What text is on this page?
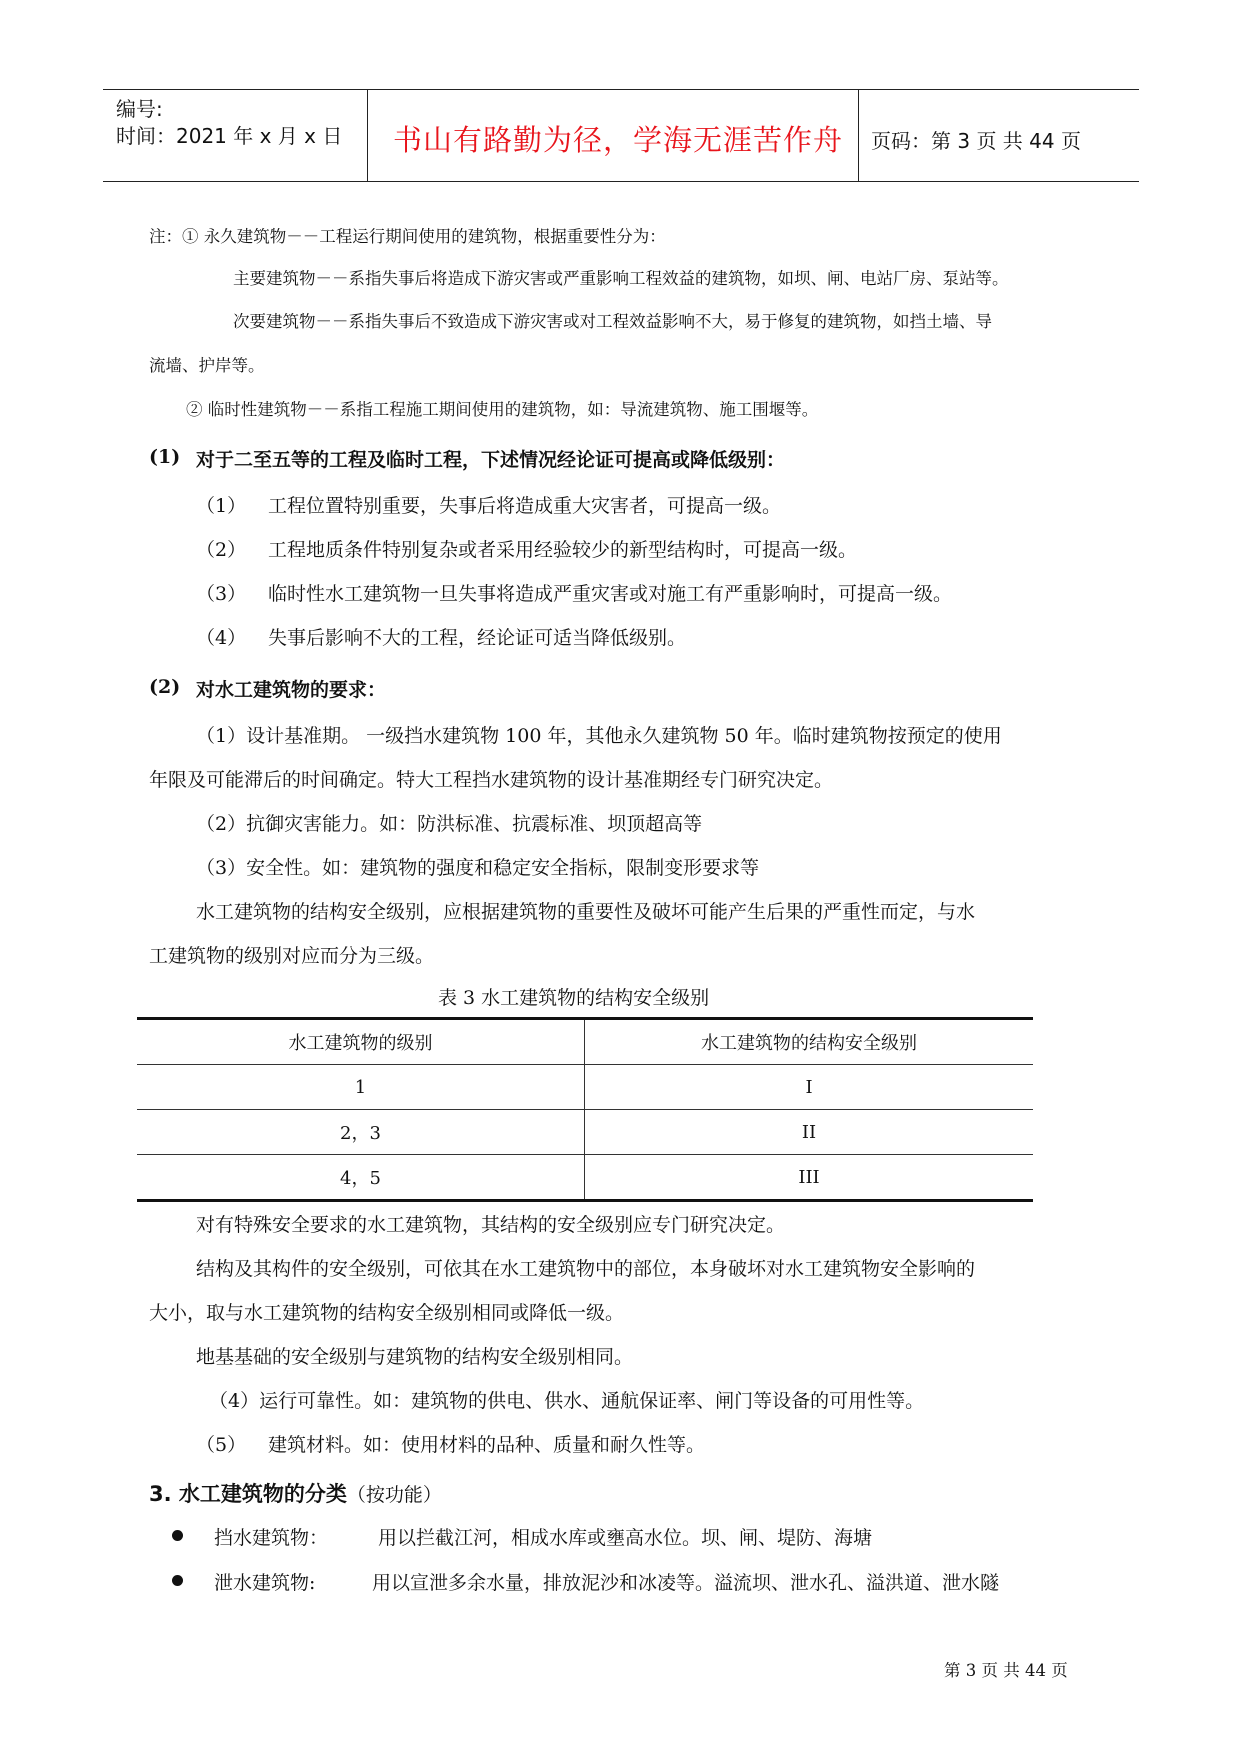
编号:
时间：2021 年 x 月 x 日 书山有路勤为径，学海无涯苦作舟 页码：第 3 页 共 44 页
注：① 永久建筑物－－工程运行期间使用的建筑物，根据重要性分为：
主要建筑物－－系指失事后将造成下游灾害或严重影响工程效益的建筑物，如坝、闸、电站厂房、泵站等。
次要建筑物－－系指失事后不致造成下游灾害或对工程效益影响不大，易于修复的建筑物，如挡土墙、导
流墙、护岸等。
② 临时性建筑物－－系指工程施工期间使用的建筑物，如：导流建筑物、施工围堰等。
(1) 对于二至五等的工程及临时工程，下述情况经论证可提高或降低级别：
（1） 工程位置特别重要，失事后将造成重大灾害者，可提高一级。
（2） 工程地质条件特别复杂或者采用经验较少的新型结构时，可提高一级。
（3） 临时性水工建筑物一旦失事将造成严重灾害或对施工有严重影响时，可提高一级。
（4） 失事后影响不大的工程，经论证可适当降低级别。
(2) 对水工建筑物的要求：
（1）设计基准期。 一级挡水建筑物 100 年，其他永久建筑物 50 年。临时建筑物按预定的使用
年限及可能滞后的时间确定。特大工程挡水建筑物的设计基准期经专门研究决定。
（2）抗御灾害能力。如：防洪标准、抗震标准、坝顶超高等
（3）安全性。如：建筑物的强度和稳定安全指标，限制变形要求等
水工建筑物的结构安全级别，应根据建筑物的重要性及破坏可能产生后果的严重性而定，与水
工建筑物的级别对应而分为三级。
表 3 水工建筑物的结构安全级别
水工建筑物的级别	水工建筑物的结构安全级别
1	I
2，3	II
4，5	III
对有特殊安全要求的水工建筑物，其结构的安全级别应专门研究决定。
结构及其构件的安全级别，可依其在水工建筑物中的部位，本身破坏对水工建筑物安全影响的
大小，取与水工建筑物的结构安全级别相同或降低一级。
地基基础的安全级别与建筑物的结构安全级别相同。
（4）运行可靠性。如：建筑物的供电、供水、通航保证率、闸门等设备的可用性等。
（5） 建筑材料。如：使用材料的品种、质量和耐久性等。
3. 水工建筑物的分类（按功能）
挡水建筑物：	用以拦截江河，相成水库或壅高水位。坝、闸、堤防、海塘
泄水建筑物:	用以宣泄多余水量，排放泥沙和冰凌等。溢流坝、泄水孔、溢洪道、泄水隧
第 3 页 共 44 页
